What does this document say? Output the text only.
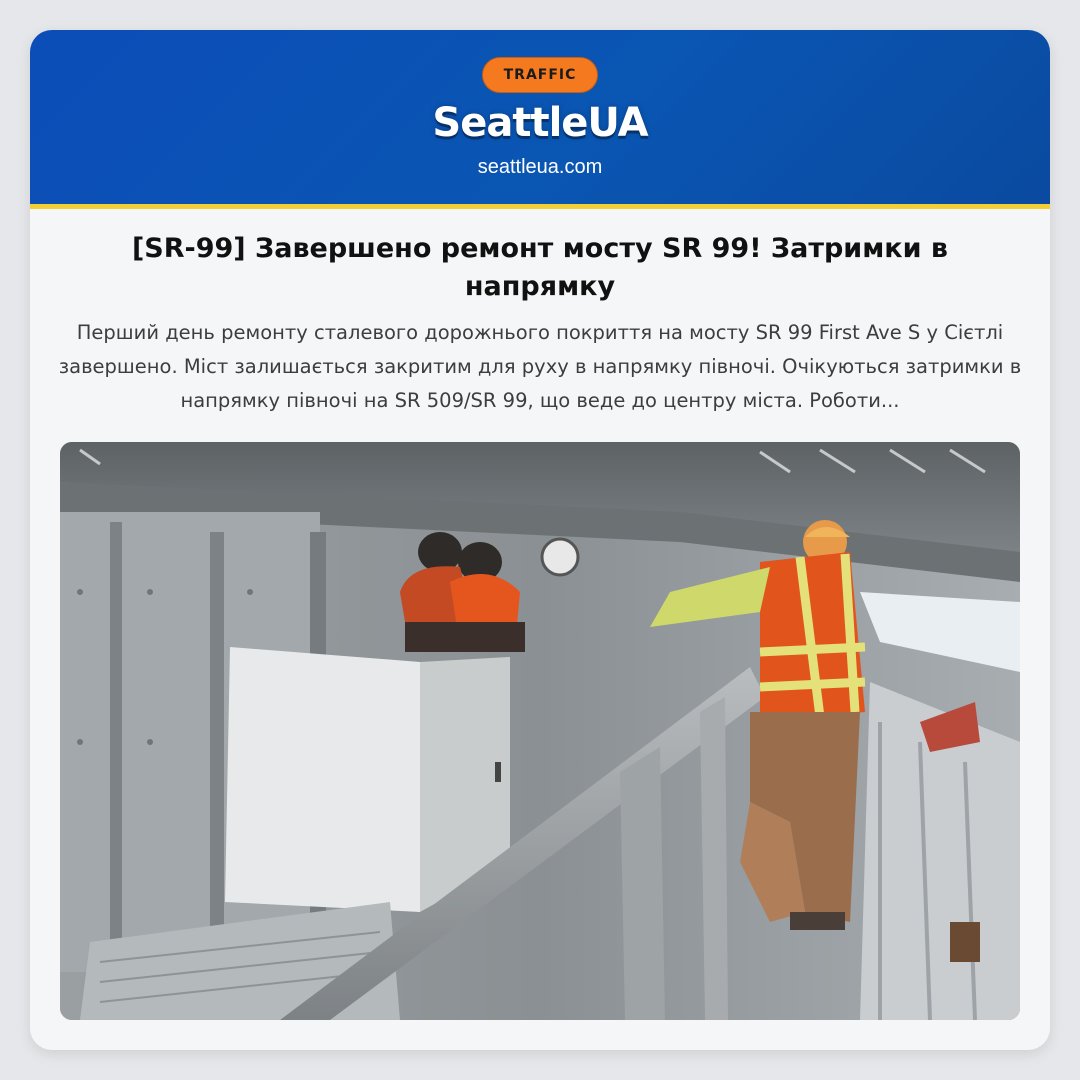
TRAFFIC
SeattleUA
seattleua.com
[SR-99] Завершено ремонт мосту SR 99! Затримки в напрямку

Перший день ремонту сталевого дорожнього покриття на мосту SR 99 First Ave S у Сієтлі завершено. Міст залишається закритим для руху в напрямку півночі. Очікуються затримки в напрямку півночі на SR 509/SR 99, що веде до центру міста. Роботи...
